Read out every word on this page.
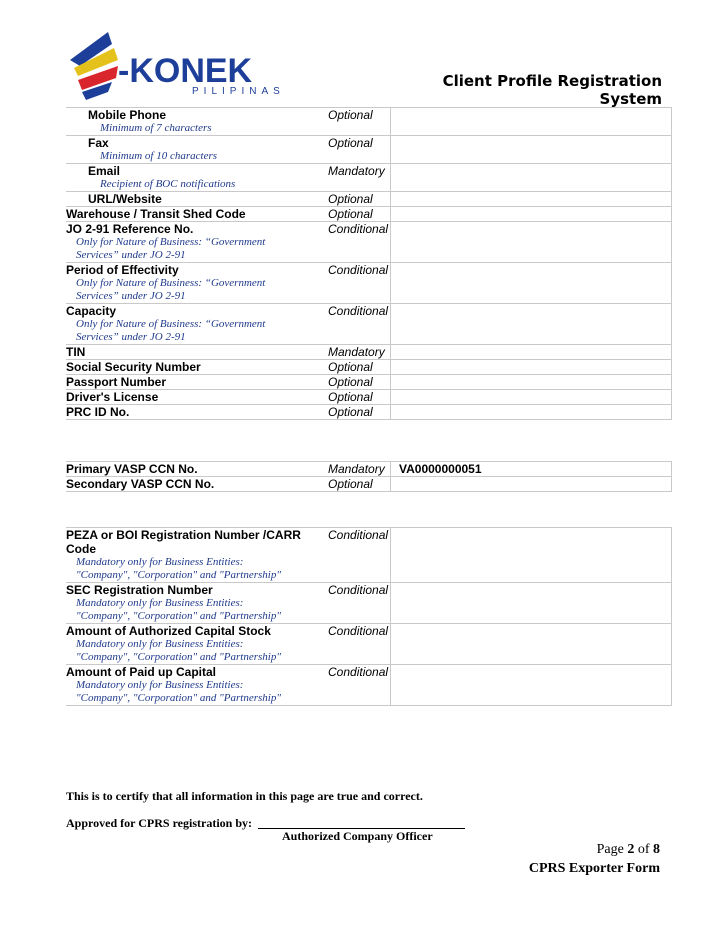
-KONEK
PILIPINAS
Client Profile Registration System
Mobile Phone
Minimum of 7 characters	Optional	

Fax
Minimum of 10 characters	Optional	

Email
Recipient of BOC notifications	Mandatory	

URL/Website	Optional	

Warehouse / Transit Shed Code	Optional	

JO 2-91 Reference No.
Only for Nature of Business: “Government
Services” under JO 2-91	Conditional	

Period of Effectivity
Only for Nature of Business: “Government
Services” under JO 2-91	Conditional	

Capacity
Only for Nature of Business: “Government
Services” under JO 2-91	Conditional	

TIN	Mandatory	

Social Security Number	Optional	

Passport Number	Optional	

Driver's License	Optional	

PRC ID No.	Optional	

Primary VASP CCN No.	Mandatory	VA0000000051

Secondary VASP CCN No.	Optional	

PEZA or BOI Registration Number /CARR
Code
Mandatory only for Business Entities:
"Company", "Corporation" and "Partnership"	Conditional	

SEC Registration Number
Mandatory only for Business Entities:
"Company", "Corporation" and "Partnership"	Conditional	

Amount of Authorized Capital Stock
Mandatory only for Business Entities:
"Company", "Corporation" and "Partnership"	Conditional	

Amount of Paid up Capital
Mandatory only for Business Entities:
"Company", "Corporation" and "Partnership"	Conditional	

This is to certify that all information in this page are true and correct.
Approved for CPRS registration by:
Authorized Company Officer
Page 2 of 8
CPRS Exporter Form
